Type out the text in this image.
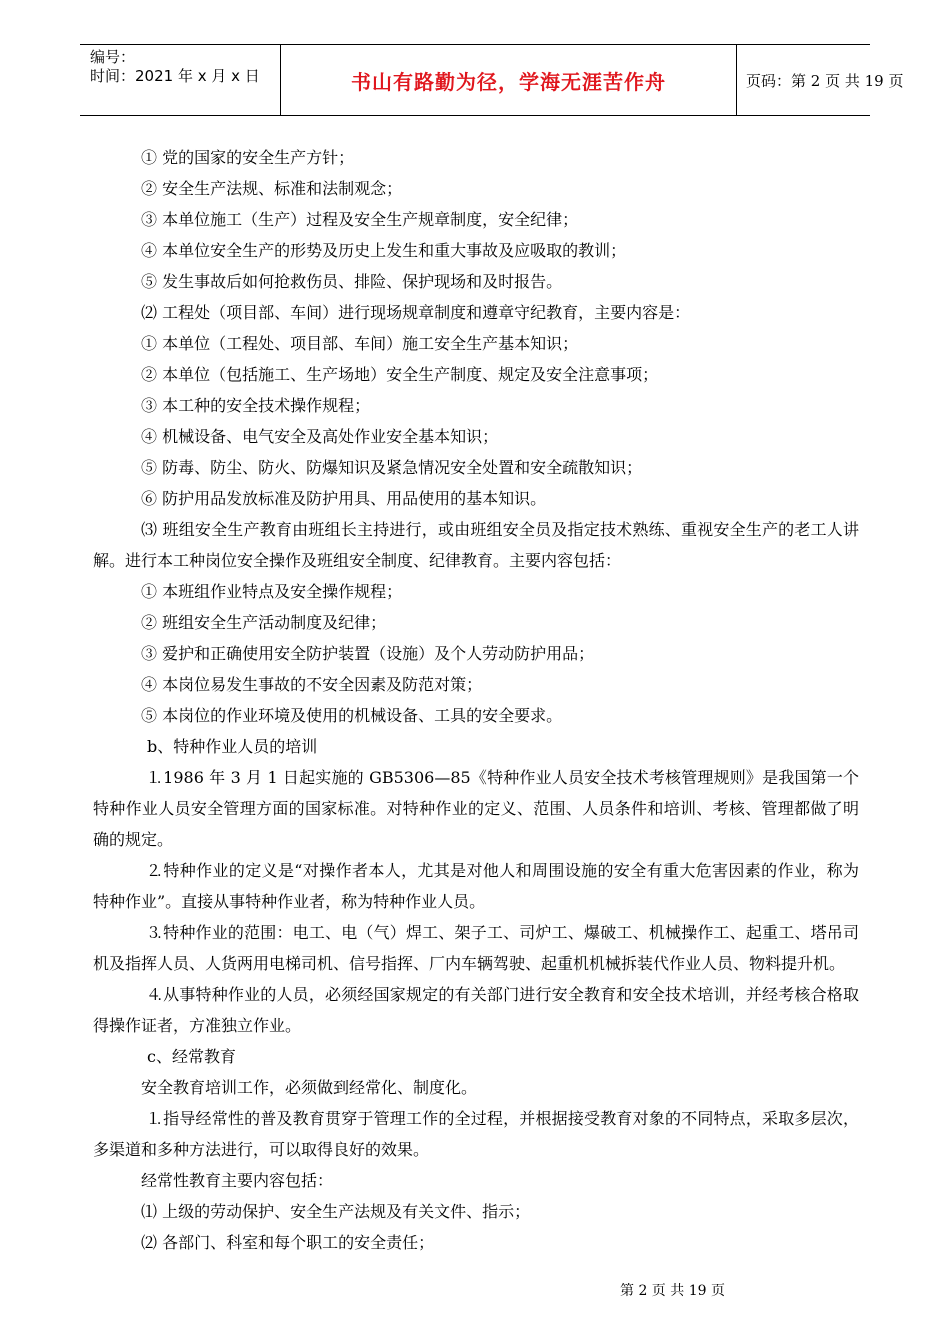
编号：
时间：2021 年 x 月 x 日	书山有路勤为径，学海无涯苦作舟	页码：第 2 页 共 19 页

① 党的国家的安全生产方针；

② 安全生产法规、标准和法制观念；

③ 本单位施工（生产）过程及安全生产规章制度，安全纪律；

④ 本单位安全生产的形势及历史上发生和重大事故及应吸取的教训；

⑤ 发生事故后如何抢救伤员、排险、保护现场和及时报告。

⑵ 工程处（项目部、车间）进行现场规章制度和遵章守纪教育，主要内容是：

① 本单位（工程处、项目部、车间）施工安全生产基本知识；

② 本单位（包括施工、生产场地）安全生产制度、规定及安全注意事项；

③ 本工种的安全技术操作规程；

④ 机械设备、电气安全及高处作业安全基本知识；

⑤ 防毒、防尘、防火、防爆知识及紧急情况安全处置和安全疏散知识；

⑥ 防护用品发放标准及防护用具、用品使用的基本知识。

⑶ 班组安全生产教育由班组长主持进行，或由班组安全员及指定技术熟练、重视安全生产的老工人讲解。进行本工种岗位安全操作及班组安全制度、纪律教育。主要内容包括：

① 本班组作业特点及安全操作规程；

② 班组安全生产活动制度及纪律；

③ 爱护和正确使用安全防护装置（设施）及个人劳动防护用品；

④ 本岗位易发生事故的不安全因素及防范对策；

⑤ 本岗位的作业环境及使用的机械设备、工具的安全要求。

b、特种作业人员的培训

⒈1986 年 3 月 1 日起实施的 GB5306—85《特种作业人员安全技术考核管理规则》是我国第一个特种作业人员安全管理方面的国家标准。对特种作业的定义、范围、人员条件和培训、考核、管理都做了明确的规定。

⒉特种作业的定义是“对操作者本人，尤其是对他人和周围设施的安全有重大危害因素的作业，称为特种作业”。直接从事特种作业者，称为特种作业人员。

⒊特种作业的范围：电工、电（气）焊工、架子工、司炉工、爆破工、机械操作工、起重工、塔吊司机及指挥人员、人货两用电梯司机、信号指挥、厂内车辆驾驶、起重机机械拆装代作业人员、物料提升机。

⒋从事特种作业的人员，必须经国家规定的有关部门进行安全教育和安全技术培训，并经考核合格取得操作证者，方准独立作业。

c、经常教育

安全教育培训工作，必须做到经常化、制度化。

⒈指导经常性的普及教育贯穿于管理工作的全过程，并根据接受教育对象的不同特点，采取多层次，多渠道和多种方法进行，可以取得良好的效果。

经常性教育主要内容包括：

⑴ 上级的劳动保护、安全生产法规及有关文件、指示；

⑵ 各部门、科室和每个职工的安全责任；

第 2 页 共 19 页
